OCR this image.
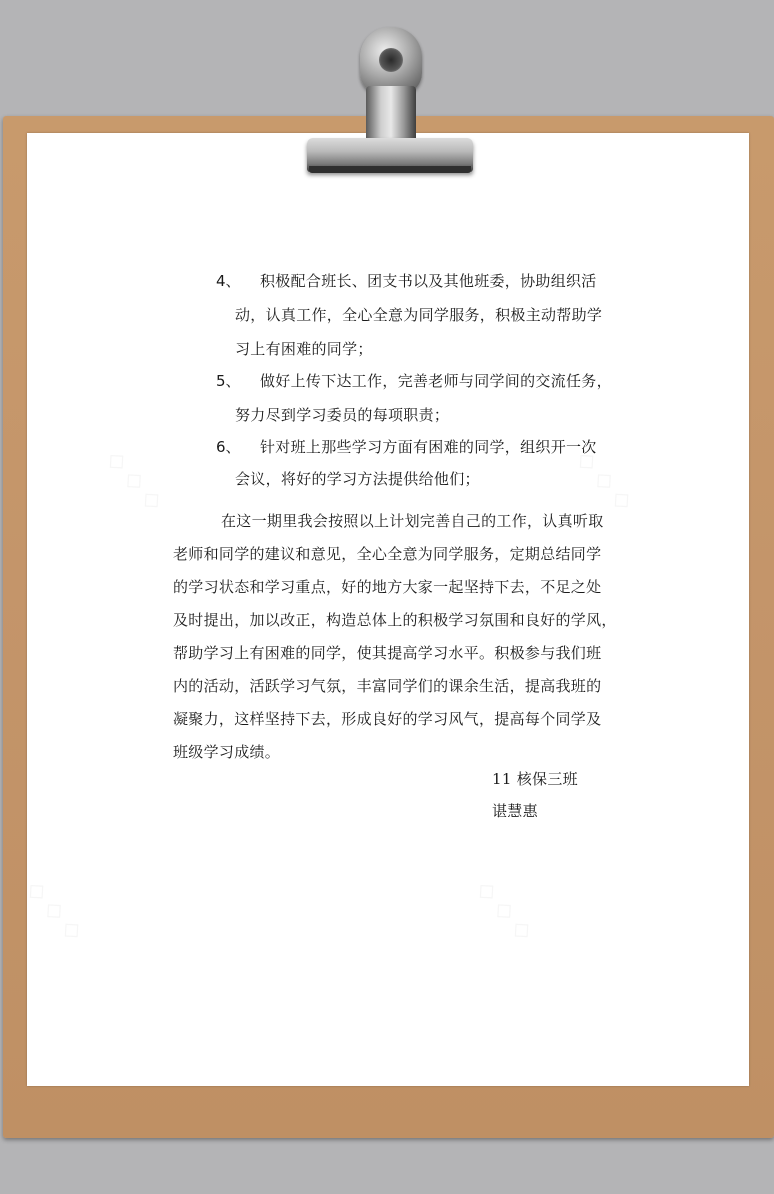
4、 积极配合班长、团支书以及其他班委，协助组织活
动，认真工作，全心全意为同学服务，积极主动帮助学
习上有困难的同学；
5、 做好上传下达工作，完善老师与同学间的交流任务，
努力尽到学习委员的每项职责；
6、 针对班上那些学习方面有困难的同学，组织开一次
会议，将好的学习方法提供给他们；
在这一期里我会按照以上计划完善自己的工作，认真听取
老师和同学的建议和意见，全心全意为同学服务，定期总结同学
的学习状态和学习重点，好的地方大家一起坚持下去，不足之处
及时提出，加以改正，构造总体上的积极学习氛围和良好的学风，
帮助学习上有困难的同学，使其提高学习水平。积极参与我们班
内的活动，活跃学习气氛，丰富同学们的课余生活，提高我班的
凝聚力，这样坚持下去，形成良好的学习风气，提高每个同学及
班级学习成绩。
11 核保三班
谌慧惠
